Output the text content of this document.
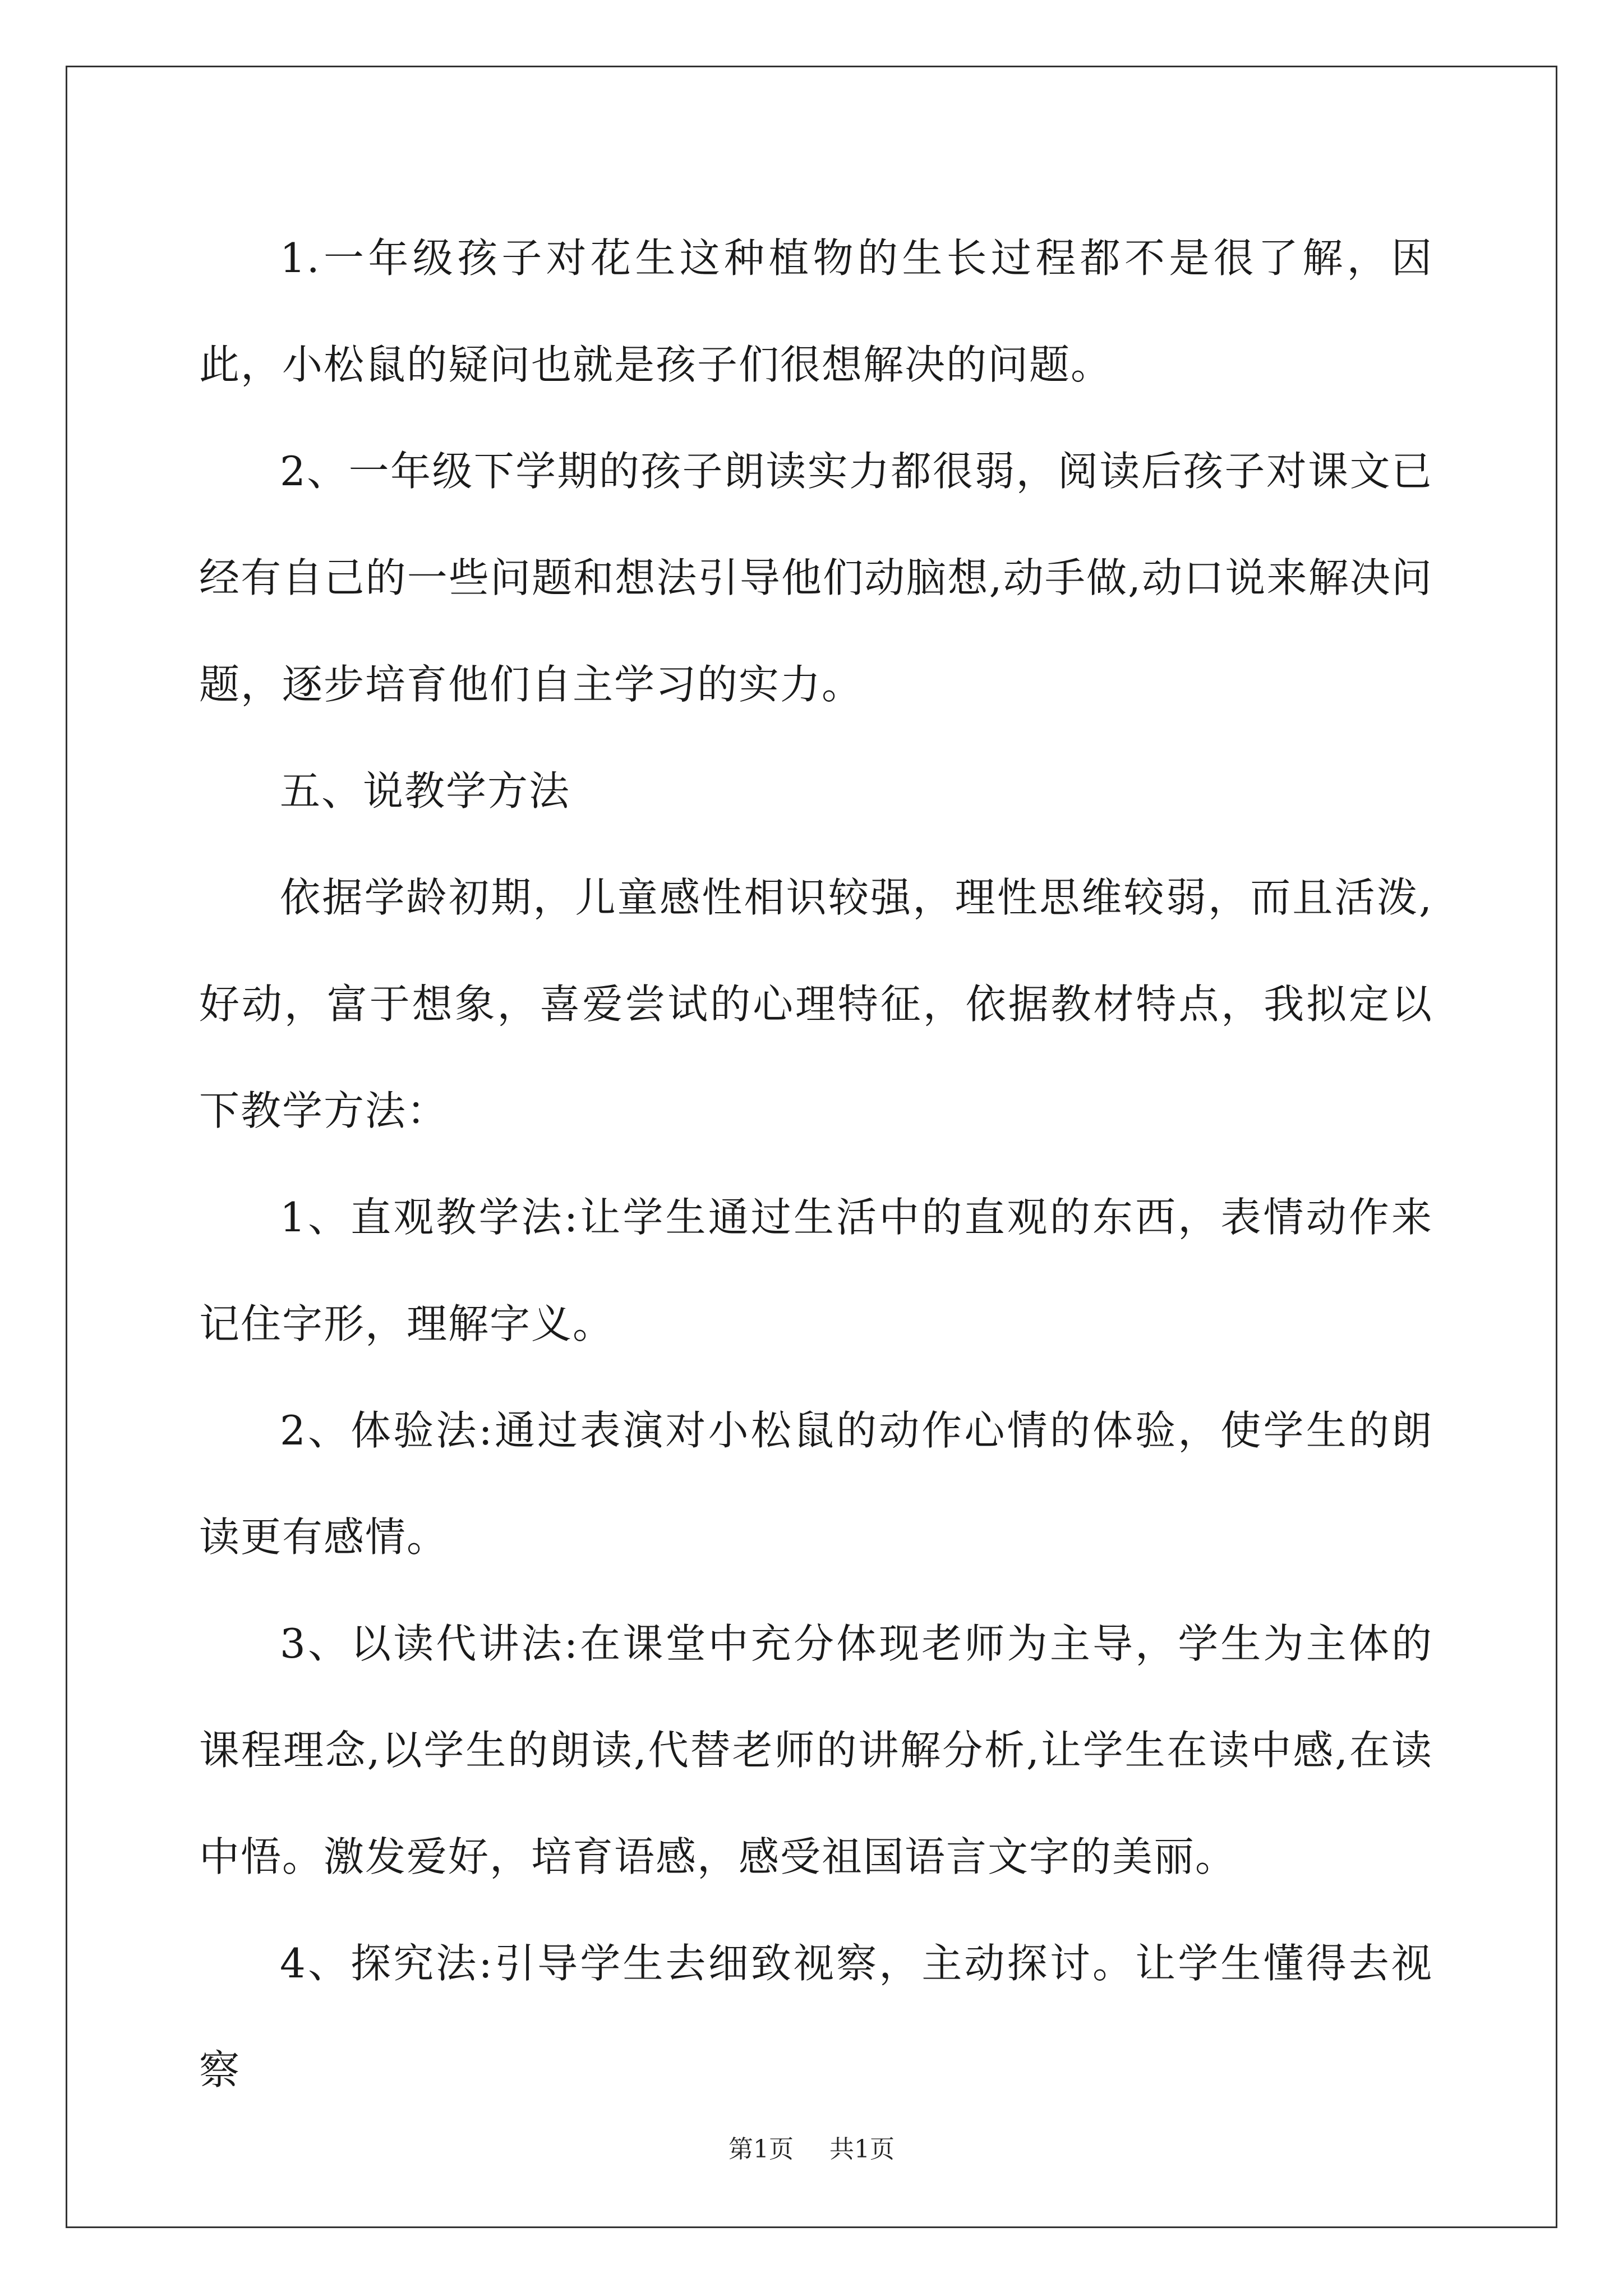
1.一年级孩子对花生这种植物的生长过程都不是很了解，因此，小松鼠的疑问也就是孩子们很想解决的问题。

2、一年级下学期的孩子朗读实力都很弱，阅读后孩子对课文已经有自己的一些问题和想法引导他们动脑想,动手做,动口说来解决问题，逐步培育他们自主学习的实力。

五、说教学方法

依据学龄初期，儿童感性相识较强，理性思维较弱，而且活泼,好动，富于想象，喜爱尝试的心理特征，依据教材特点，我拟定以下教学方法：

1、直观教学法:让学生通过生活中的直观的东西，表情动作来记住字形，理解字义。

2、体验法:通过表演对小松鼠的动作心情的体验，使学生的朗读更有感情。

3、以读代讲法:在课堂中充分体现老师为主导，学生为主体的课程理念,以学生的朗读,代替老师的讲解分析,让学生在读中感,在读中悟。激发爱好，培育语感，感受祖国语言文字的美丽。

4、探究法:引导学生去细致视察，主动探讨。让学生懂得去视察

第1页 共1页
